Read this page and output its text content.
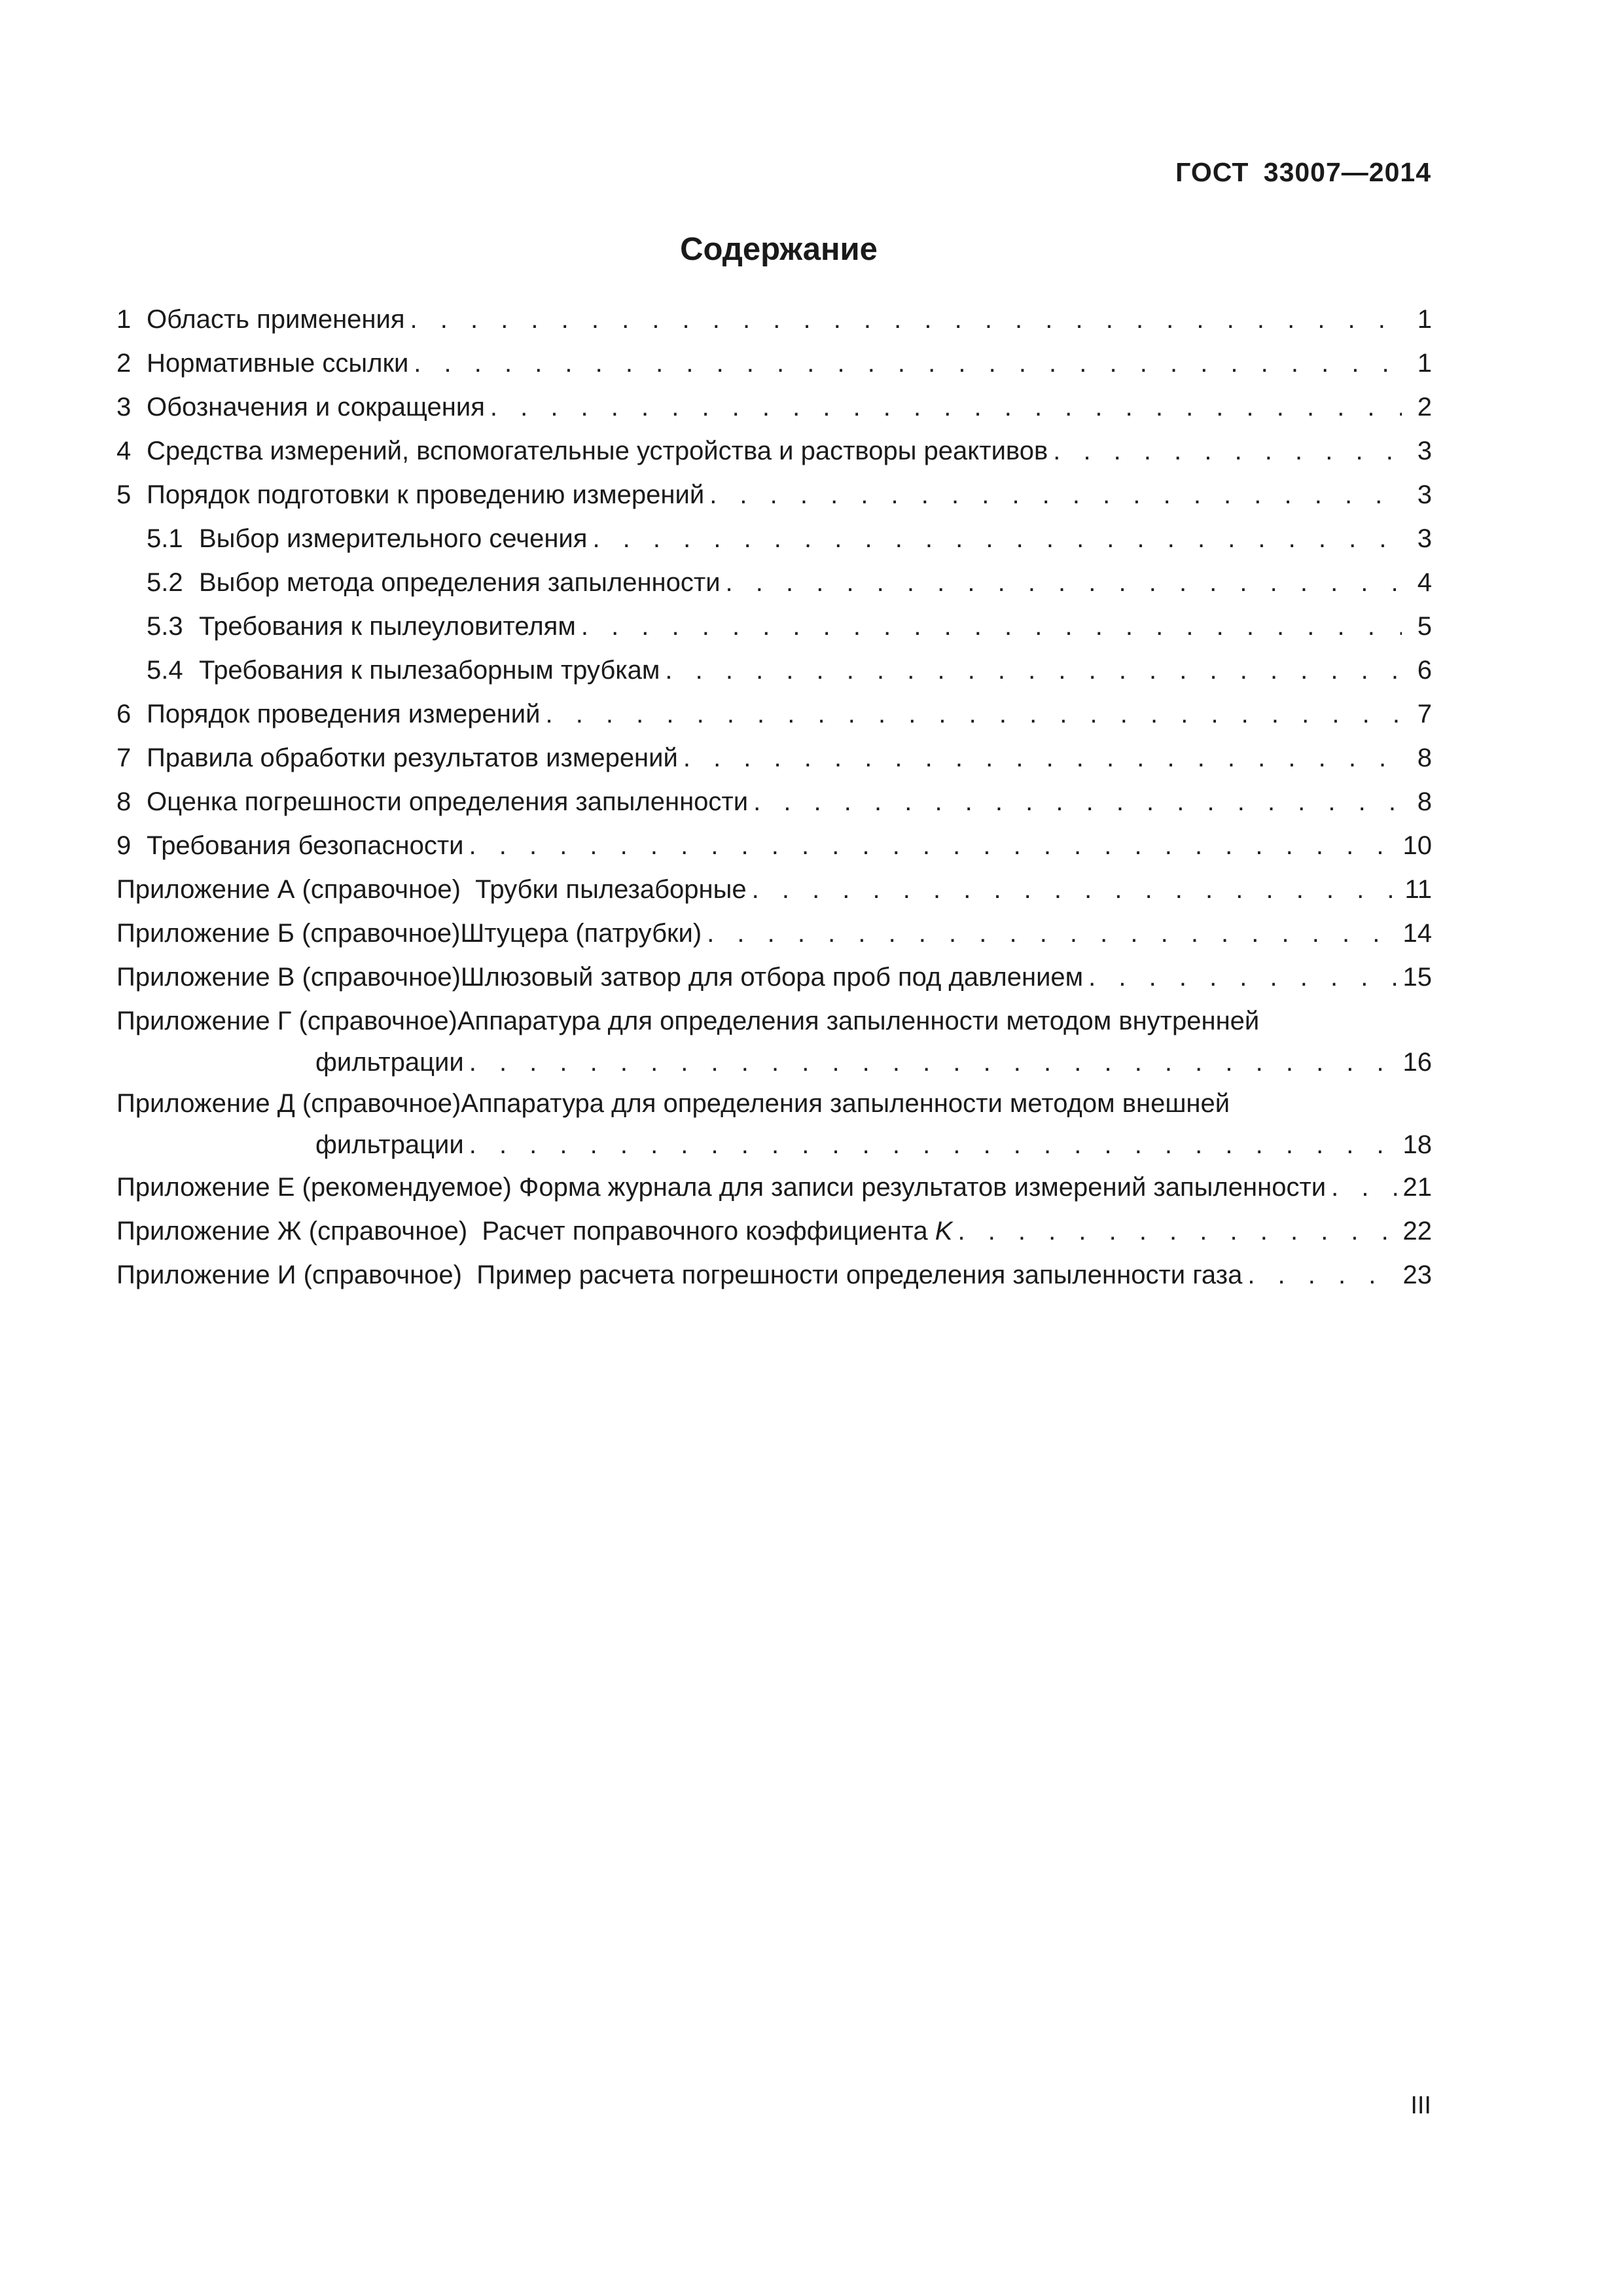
ГОСТ 33007—2014
Содержание
1 Область применения . . .	1
2 Нормативные ссылки . . .	1
3 Обозначения и сокращения . . .	2
4 Средства измерений, вспомогательные устройства и растворы реактивов . . .	3
5 Порядок подготовки к проведению измерений . . .	3
5.1 Выбор измерительного сечения . . .	3
5.2 Выбор метода определения запыленности . . .	4
5.3 Требования к пылеуловителям . . .	5
5.4 Требования к пылезаборным трубкам . . .	6
6 Порядок проведения измерений . . .	7
7 Правила обработки результатов измерений . . .	8
8 Оценка погрешности определения запыленности . . .	8
9 Требования безопасности . . .	10
Приложение А (справочное)  Трубки пылезаборные . . .	11
Приложение Б (справочное)Штуцера (патрубки) . . .	14
Приложение В (справочное)Шлюзовый затвор для отбора проб под давлением . . .	15
Приложение Г (справочное)Аппаратура для определения запыленности методом внутренней
фильтрации . . .	16
Приложение Д (справочное)Аппаратура для определения запыленности методом внешней
фильтрации . . .	18
Приложение Е (рекомендуемое) Форма журнала для записи результатов измерений запыленности . . .	21
Приложение Ж (справочное)  Расчет поправочного коэффициента K . . .	22
Приложение И (справочное)  Пример расчета погрешности определения запыленности газа . . .	23
III
